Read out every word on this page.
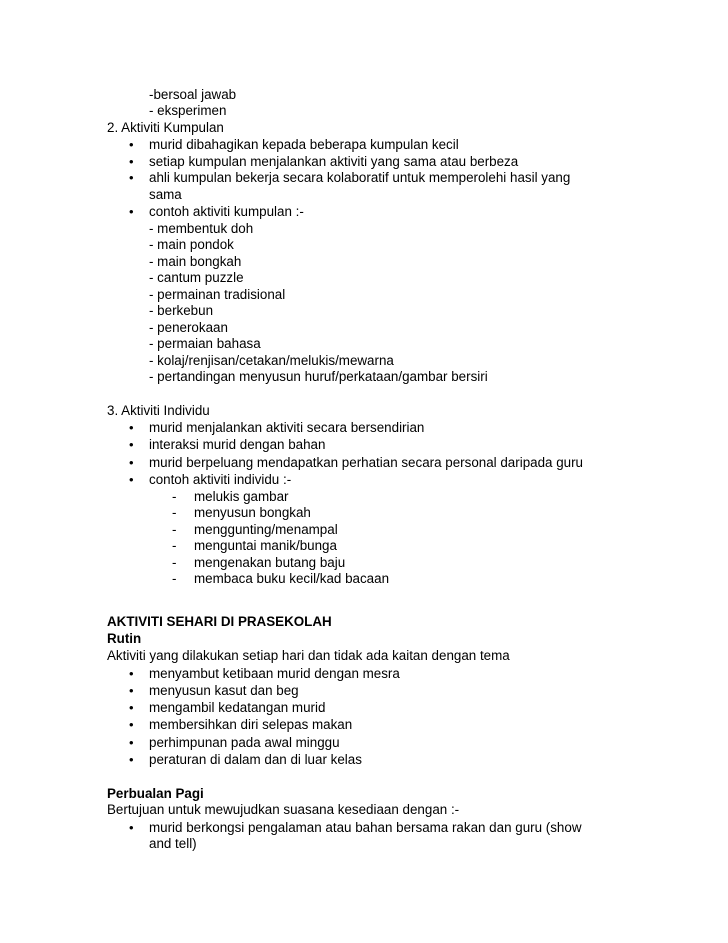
-bersoal jawab
- eksperimen
2. Aktiviti Kumpulan
• murid dibahagikan kepada beberapa kumpulan kecil
• setiap kumpulan menjalankan aktiviti yang sama atau berbeza
• ahli kumpulan bekerja secara kolaboratif untuk memperolehi hasil yang
sama
• contoh aktiviti kumpulan :-
- membentuk doh
- main pondok
- main bongkah
- cantum puzzle
- permainan tradisional
- berkebun
- penerokaan
- permaian bahasa
- kolaj/renjisan/cetakan/melukis/mewarna
- pertandingan menyusun huruf/perkataan/gambar bersiri
3. Aktiviti Individu
• murid menjalankan aktiviti secara bersendirian
• interaksi murid dengan bahan
• murid berpeluang mendapatkan perhatian secara personal daripada guru
• contoh aktiviti individu :-
- melukis gambar
- menyusun bongkah
- menggunting/menampal
- menguntai manik/bunga
- mengenakan butang baju
- membaca buku kecil/kad bacaan
AKTIVITI SEHARI DI PRASEKOLAH
Rutin
Aktiviti yang dilakukan setiap hari dan tidak ada kaitan dengan tema
• menyambut ketibaan murid dengan mesra
• menyusun kasut dan beg
• mengambil kedatangan murid
• membersihkan diri selepas makan
• perhimpunan pada awal minggu
• peraturan di dalam dan di luar kelas
Perbualan Pagi
Bertujuan untuk mewujudkan suasana kesediaan dengan :-
• murid berkongsi pengalaman atau bahan bersama rakan dan guru (show
and tell)
